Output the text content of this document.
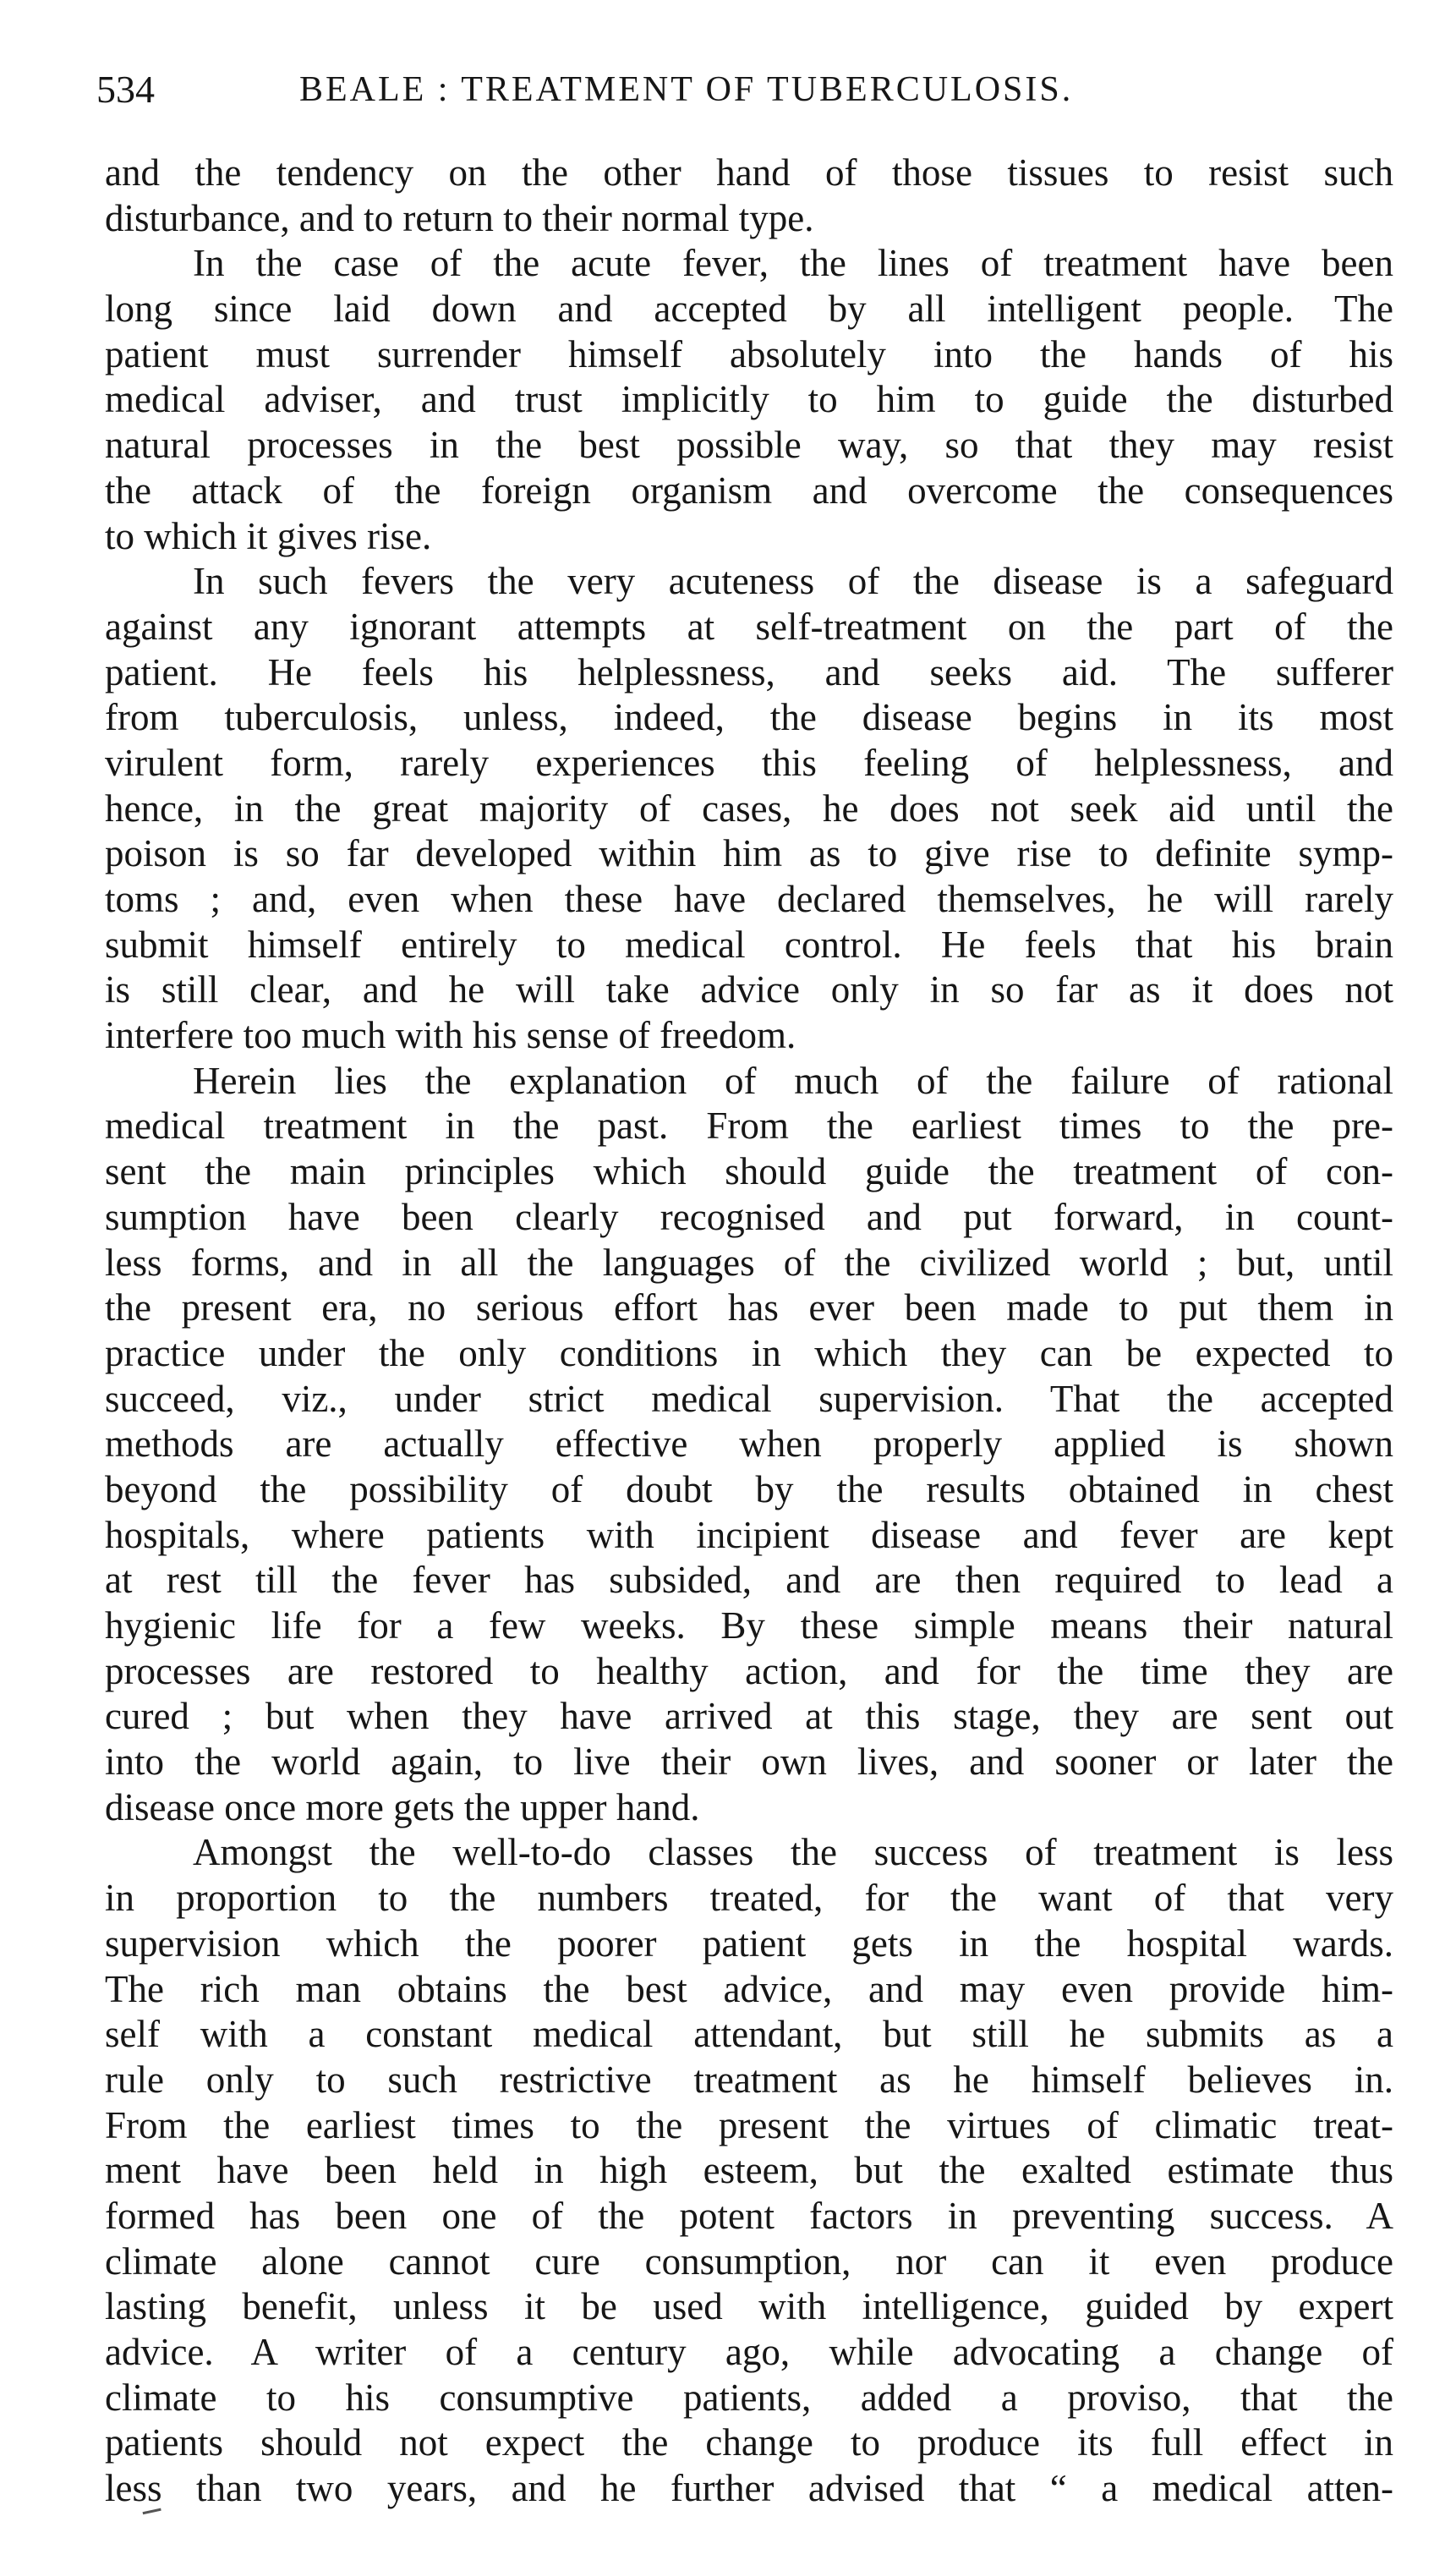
534	BEALE : TREATMENT OF TUBERCULOSIS.
and the tendency on the other hand of those tissues to resist such
disturbance, and to return to their normal type.
In the case of the acute fever, the lines of treatment have been
long since laid down and accepted by all intelligent people. The
patient must surrender himself absolutely into the hands of his
medical adviser, and trust implicitly to him to guide the disturbed
natural processes in the best possible way, so that they may resist
the attack of the foreign organism and overcome the consequences
to which it gives rise.
In such fevers the very acuteness of the disease is a safeguard
against any ignorant attempts at self-treatment on the part of the
patient. He feels his helplessness, and seeks aid. The sufferer
from tuberculosis, unless, indeed, the disease begins in its most
virulent form, rarely experiences this feeling of helplessness, and
hence, in the great majority of cases, he does not seek aid until the
poison is so far developed within him as to give rise to definite symp-
toms ; and, even when these have declared themselves, he will rarely
submit himself entirely to medical control. He feels that his brain
is still clear, and he will take advice only in so far as it does not
interfere too much with his sense of freedom.
Herein lies the explanation of much of the failure of rational
medical treatment in the past. From the earliest times to the pre-
sent the main principles which should guide the treatment of con-
sumption have been clearly recognised and put forward, in count-
less forms, and in all the languages of the civilized world ; but, until
the present era, no serious effort has ever been made to put them in
practice under the only conditions in which they can be expected to
succeed, viz., under strict medical supervision. That the accepted
methods are actually effective when properly applied is shown
beyond the possibility of doubt by the results obtained in chest
hospitals, where patients with incipient disease and fever are kept
at rest till the fever has subsided, and are then required to lead a
hygienic life for a few weeks. By these simple means their natural
processes are restored to healthy action, and for the time they are
cured ; but when they have arrived at this stage, they are sent out
into the world again, to live their own lives, and sooner or later the
disease once more gets the upper hand.
Amongst the well-to-do classes the success of treatment is less
in proportion to the numbers treated, for the want of that very
supervision which the poorer patient gets in the hospital wards.
The rich man obtains the best advice, and may even provide him-
self with a constant medical attendant, but still he submits as a
rule only to such restrictive treatment as he himself believes in.
From the earliest times to the present the virtues of climatic treat-
ment have been held in high esteem, but the exalted estimate thus
formed has been one of the potent factors in preventing success. A
climate alone cannot cure consumption, nor can it even produce
lasting benefit, unless it be used with intelligence, guided by expert
advice. A writer of a century ago, while advocating a change of
climate to his consumptive patients, added a proviso, that the
patients should not expect the change to produce its full effect in
less than two years, and he further advised that “ a medical atten-
